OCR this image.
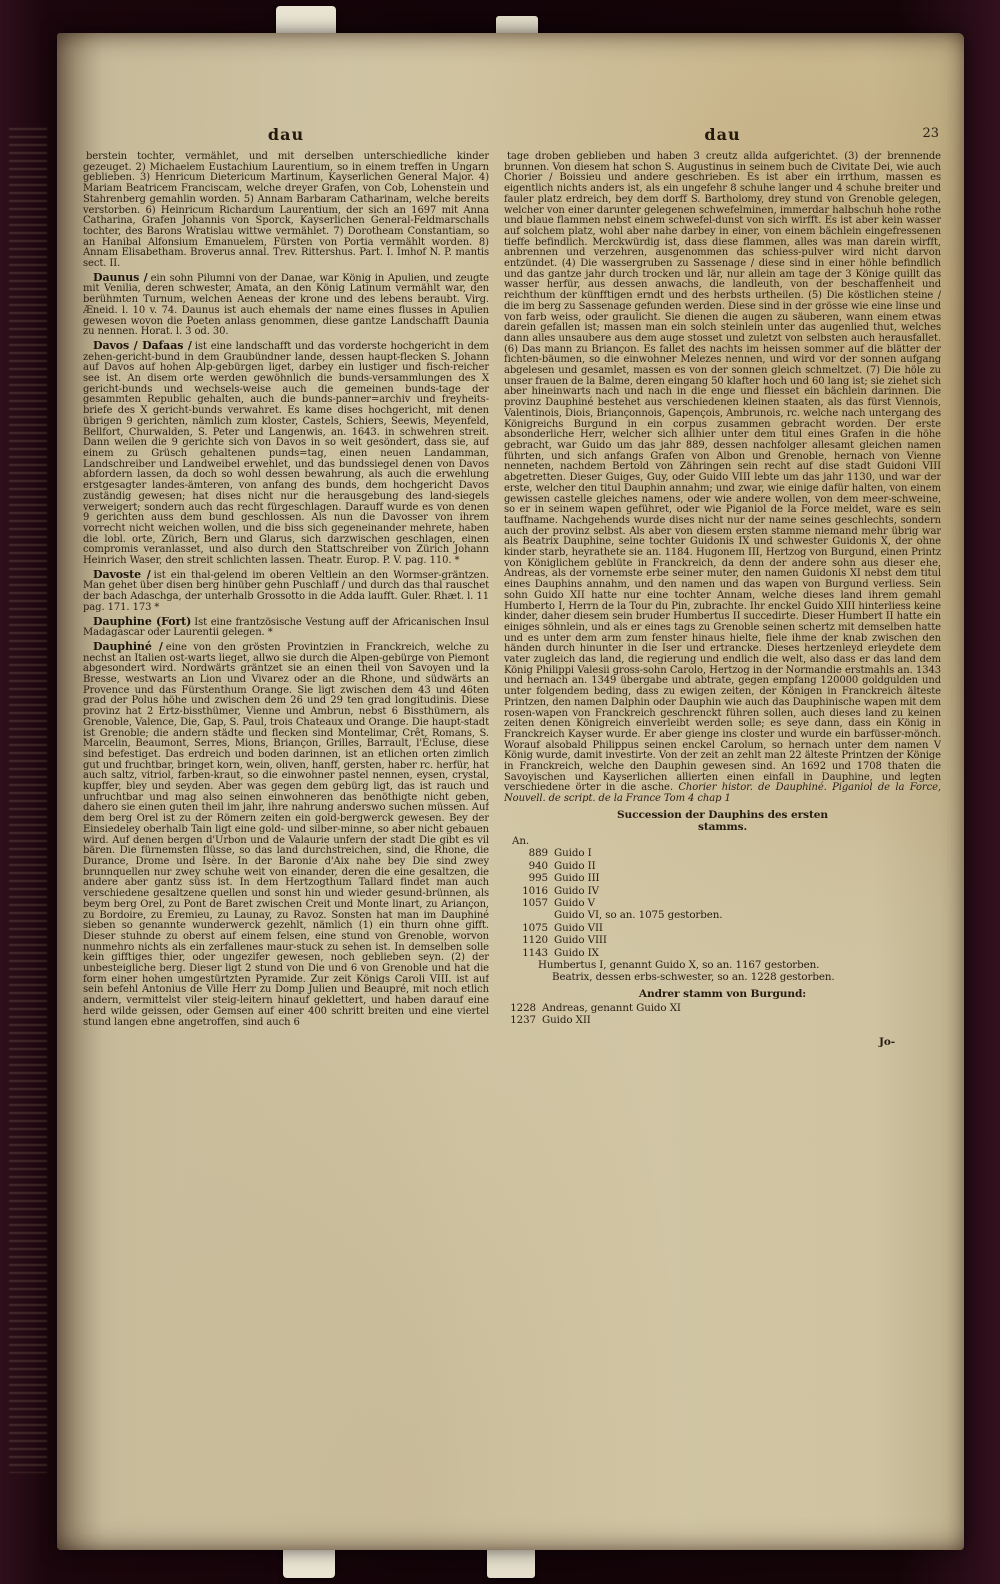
dau	dau	23

berstein tochter, vermählet, und mit derselben unterschiedliche kinder gezeuget. 2) Michaelem Eustachium Laurentium, so in einem treffen in Ungarn geblieben. 3) Henricum Dietericum Martinum, Kayserlichen General Major. 4) Mariam Beatricem Franciscam, welche dreyer Grafen, von Cob, Lohenstein und Stahrenberg gemahlin worden. 5) Annam Barbaram Catharinam, welche bereits verstorben. 6) Heinricum Richardum Laurentium, der sich an 1697 mit Anna Catharina, Grafen Johannis von Sporck, Kayserlichen General-Feldmarschalls tochter, des Barons Wratislau wittwe vermählet. 7) Dorotheam Constantiam, so an Hanibal Alfonsium Emanuelem, Fürsten von Portia vermählt worden. 8) Annam Elisabetham. Broverus annal. Trev. Rittershus. Part. I. Imhof N. P. mantis sect. II.

Daunus / ein sohn Pilumni von der Danae, war König in Apulien, und zeugte mit Venilia, deren schwester, Amata, an den König Latinum vermählt war, den berühmten Turnum, welchen Aeneas der krone und des lebens beraubt. Virg. Æneid. l. 10 v. 74. Daunus ist auch ehemals der name eines flusses in Apulien gewesen wovon die Poeten anlass genommen, diese gantze Landschafft Daunia zu nennen. Horat. l. 3 od. 30.

Davos / Dafaas / ist eine landschafft und das vorderste hochgericht in dem zehen-gericht-bund in dem Graubündner lande, dessen haupt-flecken S. Johann auf Davos auf hohen Alp-gebürgen liget, darbey ein lustiger und fisch-reicher see ist. An disem orte werden gewöhnlich die bunds-versammlungen des X gericht-bunds und wechsels-weise auch die gemeinen bunds-tage der gesammten Republic gehalten, auch die bunds-panner=archiv und freyheits-briefe des X gericht-bunds verwahret. Es kame dises hochgericht, mit denen übrigen 9 gerichten, nämlich zum kloster, Castels, Schiers, Seewis, Meyenfeld, Bellfort, Churwalden, S. Peter und Langenwis, an. 1643. in schwehren streit. Dann weilen die 9 gerichte sich von Davos in so weit gesöndert, dass sie, auf einem zu Grüsch gehaltenen punds=tag, einen neuen Landamman, Landschreiber und Landweibel erwehlet, und das bundssiegel denen von Davos abfordern lassen, da doch so wohl dessen bewahrung, als auch die erwehlung erstgesagter landes-ämteren, von anfang des bunds, dem hochgericht Davos zuständig gewesen; hat dises nicht nur die herausgebung des land-siegels verweigert; sondern auch das recht fürgeschlagen. Darauff wurde es von denen 9 gerichten auss dem bund geschlossen. Als nun die Davosser von ihrem vorrecht nicht weichen wollen, und die biss sich gegeneinander mehrete, haben die lobl. orte, Zürich, Bern und Glarus, sich darzwischen geschlagen, einen compromis veranlasset, und also durch den Stattschreiber von Zürich Johann Heinrich Waser, den streit schlichten lassen. Theatr. Europ. P. V. pag. 110. *

Davoste / ist ein thal-gelend im oberen Veltlein an den Wormser-gräntzen. Man gehet über disen berg hinüber gehn Puschlaff / und durch das thal rauschet der bach Adaschga, der unterhalb Grossotto in die Adda laufft. Guler. Rhæt. l. 11 pag. 171. 173 *

Dauphine (Fort) Ist eine frantzösische Vestung auff der Africanischen Insul Madagascar oder Laurentii gelegen. *

Dauphiné / eine von den grösten Provintzien in Franckreich, welche zu nechst an Italien ost-warts lieget, allwo sie durch die Alpen-gebürge von Piemont abgesondert wird. Nordwärts gräntzet sie an einen theil von Savoyen und la Bresse, westwarts an Lion und Vivarez oder an die Rhone, und südwärts an Provence und das Fürstenthum Orange. Sie ligt zwischen dem 43 und 46ten grad der Polus höhe und zwischen dem 26 und 29 ten grad longitudinis. Diese provinz hat 2 Ertz-bissthümer, Vienne und Ambrun, nebst 6 Bissthümern, als Grenoble, Valence, Die, Gap, S. Paul, trois Chateaux und Orange. Die haupt-stadt ist Grenoble; die andern städte und flecken sind Montelimar, Crêt, Romans, S. Marcelin, Beaumont, Serres, Mions, Briançon, Grilles, Barrault, l'Ecluse, diese sind befestiget. Das erdreich und boden darinnen, ist an etlichen orten zimlich gut und fruchtbar, bringet korn, wein, oliven, hanff, gersten, haber rc. herfür, hat auch saltz, vitriol, farben-kraut, so die einwohner pastel nennen, eysen, crystal, kupffer, bley und seyden. Aber was gegen dem gebürg ligt, das ist rauch und unfruchtbar und mag also seinen einwohneren das benöthigte nicht geben, dahero sie einen guten theil im jahr, ihre nahrung anderswo suchen müssen. Auf dem berg Orel ist zu der Römern zeiten ein gold-bergwerck gewesen. Bey der Einsiedeley oberhalb Tain ligt eine gold- und silber-minne, so aber nicht gebauen wird. Auf denen bergen d'Urbon und de Valaurie unfern der stadt Die gibt es vil bären. Die fürnemsten flüsse, so das land durchstreichen, sind, die Rhone, die Durance, Drome und Isère. In der Baronie d'Aix nahe bey Die sind zwey brunnquellen nur zwey schuhe weit von einander, deren die eine gesaltzen, die andere aber gantz süss ist. In dem Hertzogthum Tallard findet man auch verschiedene gesaltzene quellen und sonst hin und wieder gesund-brünnen, als beym berg Orel, zu Pont de Baret zwischen Creit und Monte linart, zu Ariançon, zu Bordoire, zu Eremieu, zu Launay, zu Ravoz. Sonsten hat man im Dauphiné sieben so genannte wunderwerck gezehlt, nämlich (1) ein thurn ohne gifft. Dieser stuhnde zu oberst auf einem felsen, eine stund von Grenoble, worvon nunmehro nichts als ein zerfallenes maur-stuck zu sehen ist. In demselben solle kein gifftiges thier, oder ungezifer gewesen, noch geblieben seyn. (2) der unbesteigliche berg. Dieser ligt 2 stund von Die und 6 von Grenoble und hat die form einer hohen umgestürtzten Pyramide. Zur zeit Königs Caroli VIII. ist auf sein befehl Antonius de Ville Herr zu Domp Julien und Beaupré, mit noch etlich andern, vermittelst viler steig-leitern hinauf geklettert, und haben darauf eine herd wilde geissen, oder Gemsen auf einer 400 schritt breiten und eine viertel stund langen ebne angetroffen, sind auch 6

tage droben geblieben und haben 3 creutz allda aufgerichtet. (3) der brennende brunnen. Von diesem hat schon S. Augustinus in seinem buch de Civitate Dei, wie auch Chorier / Boissieu und andere geschrieben. Es ist aber ein irrthum, massen es eigentlich nichts anders ist, als ein ungefehr 8 schuhe langer und 4 schuhe breiter und fauler platz erdreich, bey dem dorff S. Bartholomy, drey stund von Grenoble gelegen, welcher von einer darunter gelegenen schwefelminen, immerdar halbschuh hohe rothe und blaue flammen nebst einem schwefel-dunst von sich wirfft. Es ist aber kein wasser auf solchem platz, wohl aber nahe darbey in einer, von einem bächlein eingefressenen tieffe befindlich. Merckwürdig ist, dass diese flammen, alles was man darein wirfft, anbrennen und verzehren, ausgenommen das schiess-pulver wird nicht darvon entzündet. (4) Die wassergruben zu Sassenage / diese sind in einer höhle befindlich und das gantze jahr durch trocken und lär, nur allein am tage der 3 Könige quillt das wasser herfür, aus dessen anwachs, die landleuth, von der beschaffenheit und reichthum der künfftigen erndt und des herbsts urtheilen. (5) Die köstlichen steine / die im berg zu Sassenage gefunden werden. Diese sind in der grösse wie eine linse und von farb weiss, oder graulicht. Sie dienen die augen zu säuberen, wann einem etwas darein gefallen ist; massen man ein solch steinlein unter das augenlied thut, welches dann alles unsaubere aus dem auge stosset und zuletzt von selbsten auch herausfallet. (6) Das mann zu Briançon. Es fallet des nachts im heissen sommer auf die blätter der fichten-bäumen, so die einwohner Melezes nennen, und wird vor der sonnen aufgang abgelesen und gesamlet, massen es von der sonnen gleich schmeltzet. (7) Die höle zu unser frauen de la Balme, deren eingang 50 klafter hoch und 60 lang ist; sie ziehet sich aber hineinwarts nach und nach in die enge und fliesset ein bächlein darinnen. Die provinz Dauphiné bestehet aus verschiedenen kleinen staaten, als das fürst Viennois, Valentinois, Diois, Briançonnois, Gapençois, Ambrunois, rc. welche nach untergang des Königreichs Burgund in ein corpus zusammen gebracht worden. Der erste absonderliche Herr, welcher sich allhier unter dem titul eines Grafen in die höhe gebracht, war Guido um das jahr 889, dessen nachfolger allesamt gleichen namen führten, und sich anfangs Grafen von Albon und Grenoble, hernach von Vienne nenneten, nachdem Bertold von Zähringen sein recht auf dise stadt Guidoni VIII abgetretten. Dieser Guiges, Guy, oder Guido VIII lebte um das jahr 1130, und war der erste, welcher den titul Dauphin annahm; und zwar, wie einige dafür halten, von einem gewissen castelle gleiches namens, oder wie andere wollen, von dem meer-schweine, so er in seinem wapen geführet, oder wie Piganiol de la Force meldet, ware es sein tauffname. Nachgehends wurde dises nicht nur der name seines geschlechts, sondern auch der provinz selbst. Als aber von diesem ersten stamme niemand mehr übrig war als Beatrix Dauphine, seine tochter Guidonis IX und schwester Guidonis X, der ohne kinder starb, heyrathete sie an. 1184. Hugonem III, Hertzog von Burgund, einen Printz von Königlichem geblüte in Franckreich, da denn der andere sohn aus dieser ehe, Andreas, als der vornemste erbe seiner muter, den namen Guidonis XI nebst dem titul eines Dauphins annahm, und den namen und das wapen von Burgund verliess. Sein sohn Guido XII hatte nur eine tochter Annam, welche dieses land ihrem gemahl Humberto I, Herrn de la Tour du Pin, zubrachte. Ihr enckel Guido XIII hinterliess keine kinder, daher diesem sein bruder Humbertus II succedirte. Dieser Humbert II hatte ein einiges söhnlein, und als er eines tags zu Grenoble seinen schertz mit demselben hatte und es unter dem arm zum fenster hinaus hielte, fiele ihme der knab zwischen den händen durch hinunter in die Iser und ertrancke. Dieses hertzenleyd erleydete dem vater zugleich das land, die regierung und endlich die welt, also dass er das land dem König Philippi Valesii gross-sohn Carolo, Hertzog in der Normandie erstmahls an. 1343 und hernach an. 1349 übergabe und abtrate, gegen empfang 120000 goldgulden und unter folgendem beding, dass zu ewigen zeiten, der Königen in Franckreich älteste Printzen, den namen Dalphin oder Dauphin wie auch das Dauphinische wapen mit dem rosen-wapen von Franckreich geschrenckt führen sollen, auch dieses land zu keinen zeiten denen Königreich einverleibt werden solle; es seye dann, dass ein König in Franckreich Kayser wurde. Er aber gienge ins closter und wurde ein barfüsser-mönch. Worauf alsobald Philippus seinen enckel Carolum, so hernach unter dem namen V König wurde, damit investirte. Von der zeit an zehlt man 22 älteste Printzen der Könige in Franckreich, welche den Dauphin gewesen sind. An 1692 und 1708 thaten die Savoyischen und Kayserlichen allierten einen einfall in Dauphine, und legten verschiedene örter in die asche. Chorier histor. de Dauphiné. Piganiol de la Force, Nouvell. de script. de la France Tom 4 chap 1

Succession der Dauphins des ersten stamms.
An.
889 Guido I
940 Guido II
995 Guido III
1016 Guido IV
1057 Guido V
Guido VI, so an. 1075 gestorben.
1075 Guido VII
1120 Guido VIII
1143 Guido IX
Humbertus I, genannt Guido X, so an. 1167 gestorben.
Beatrix, dessen erbs-schwester, so an. 1228 gestorben.
Andrer stamm von Burgund:
1228 Andreas, genannt Guido XI
1237 Guido XII
Jo-
